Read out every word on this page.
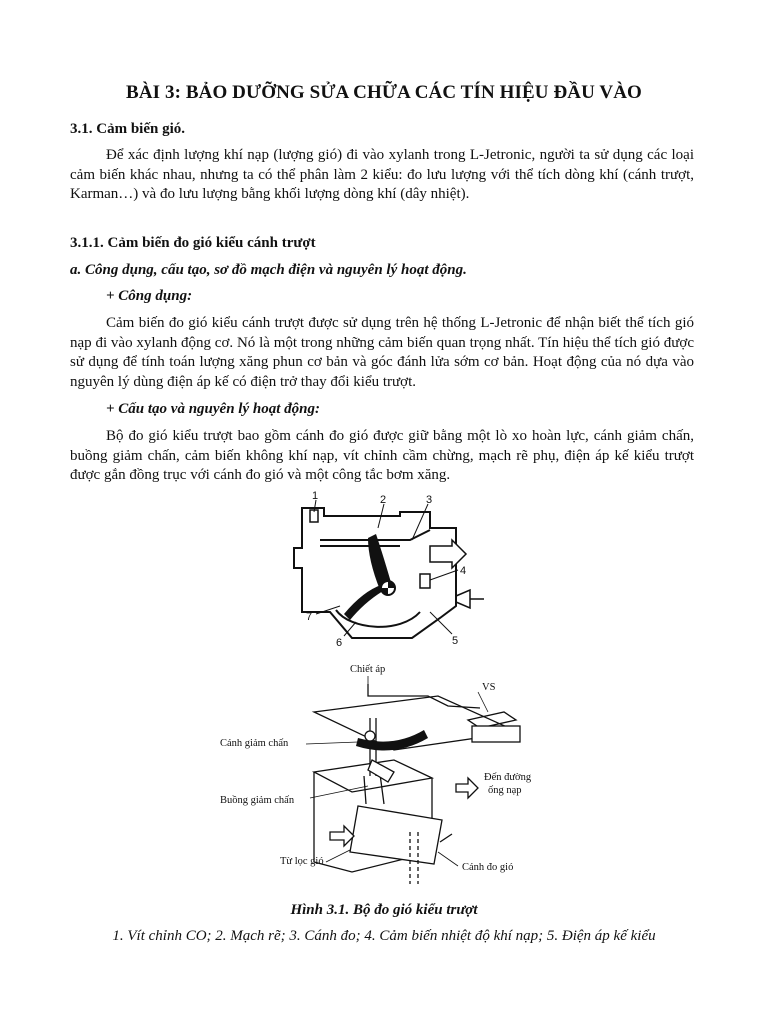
BÀI 3: BẢO DƯỠNG SỬA CHỮA CÁC TÍN HIỆU ĐẦU VÀO
3.1. Cảm biến gió.
Để xác định lượng khí nạp (lượng gió) đi vào xylanh trong L-Jetronic, người ta sử dụng các loại cảm biến khác nhau, nhưng ta có thể phân làm 2 kiểu: đo lưu lượng với thể tích dòng khí (cánh trượt, Karman…) và đo lưu lượng bằng khối lượng dòng khí (dây nhiệt).
3.1.1. Cảm biến đo gió kiểu cánh trượt
a. Công dụng, cấu tạo, sơ đồ mạch điện và nguyên lý hoạt động.
+ Công dụng:
Cảm biến đo gió kiểu cánh trượt được sử dụng trên hệ thống L-Jetronic để nhận biết thể tích gió nạp đi vào xylanh động cơ. Nó là một trong những cảm biến quan trọng nhất. Tín hiệu thể tích gió được sử dụng để tính toán lượng xăng phun cơ bản và góc đánh lửa sớm cơ bản. Hoạt động của nó dựa vào nguyên lý dùng điện áp kế có điện trở thay đổi kiểu trượt.
+ Cấu tạo và nguyên lý hoạt động:
Bộ đo gió kiểu trượt bao gồm cánh đo gió được giữ bằng một lò xo hoàn lực, cánh giảm chấn, buồng giảm chấn, cảm biến không khí nạp, vít chỉnh cầm chừng, mạch rẽ phụ, điện áp kế kiểu trượt được gắn đồng trục với cánh đo gió và một công tắc bơm xăng.
1	2	3
4
5
6
7
Chiết áp
VS
Cánh giảm chấn
Buồng giảm chấn
Đến đường
ống nạp
Từ lọc gió
Cánh đo gió
Hình 3.1. Bộ đo gió kiểu trượt
1. Vít chỉnh CO; 2. Mạch rẽ; 3. Cánh đo; 4. Cảm biến nhiệt độ khí nạp; 5. Điện áp kế kiểu
